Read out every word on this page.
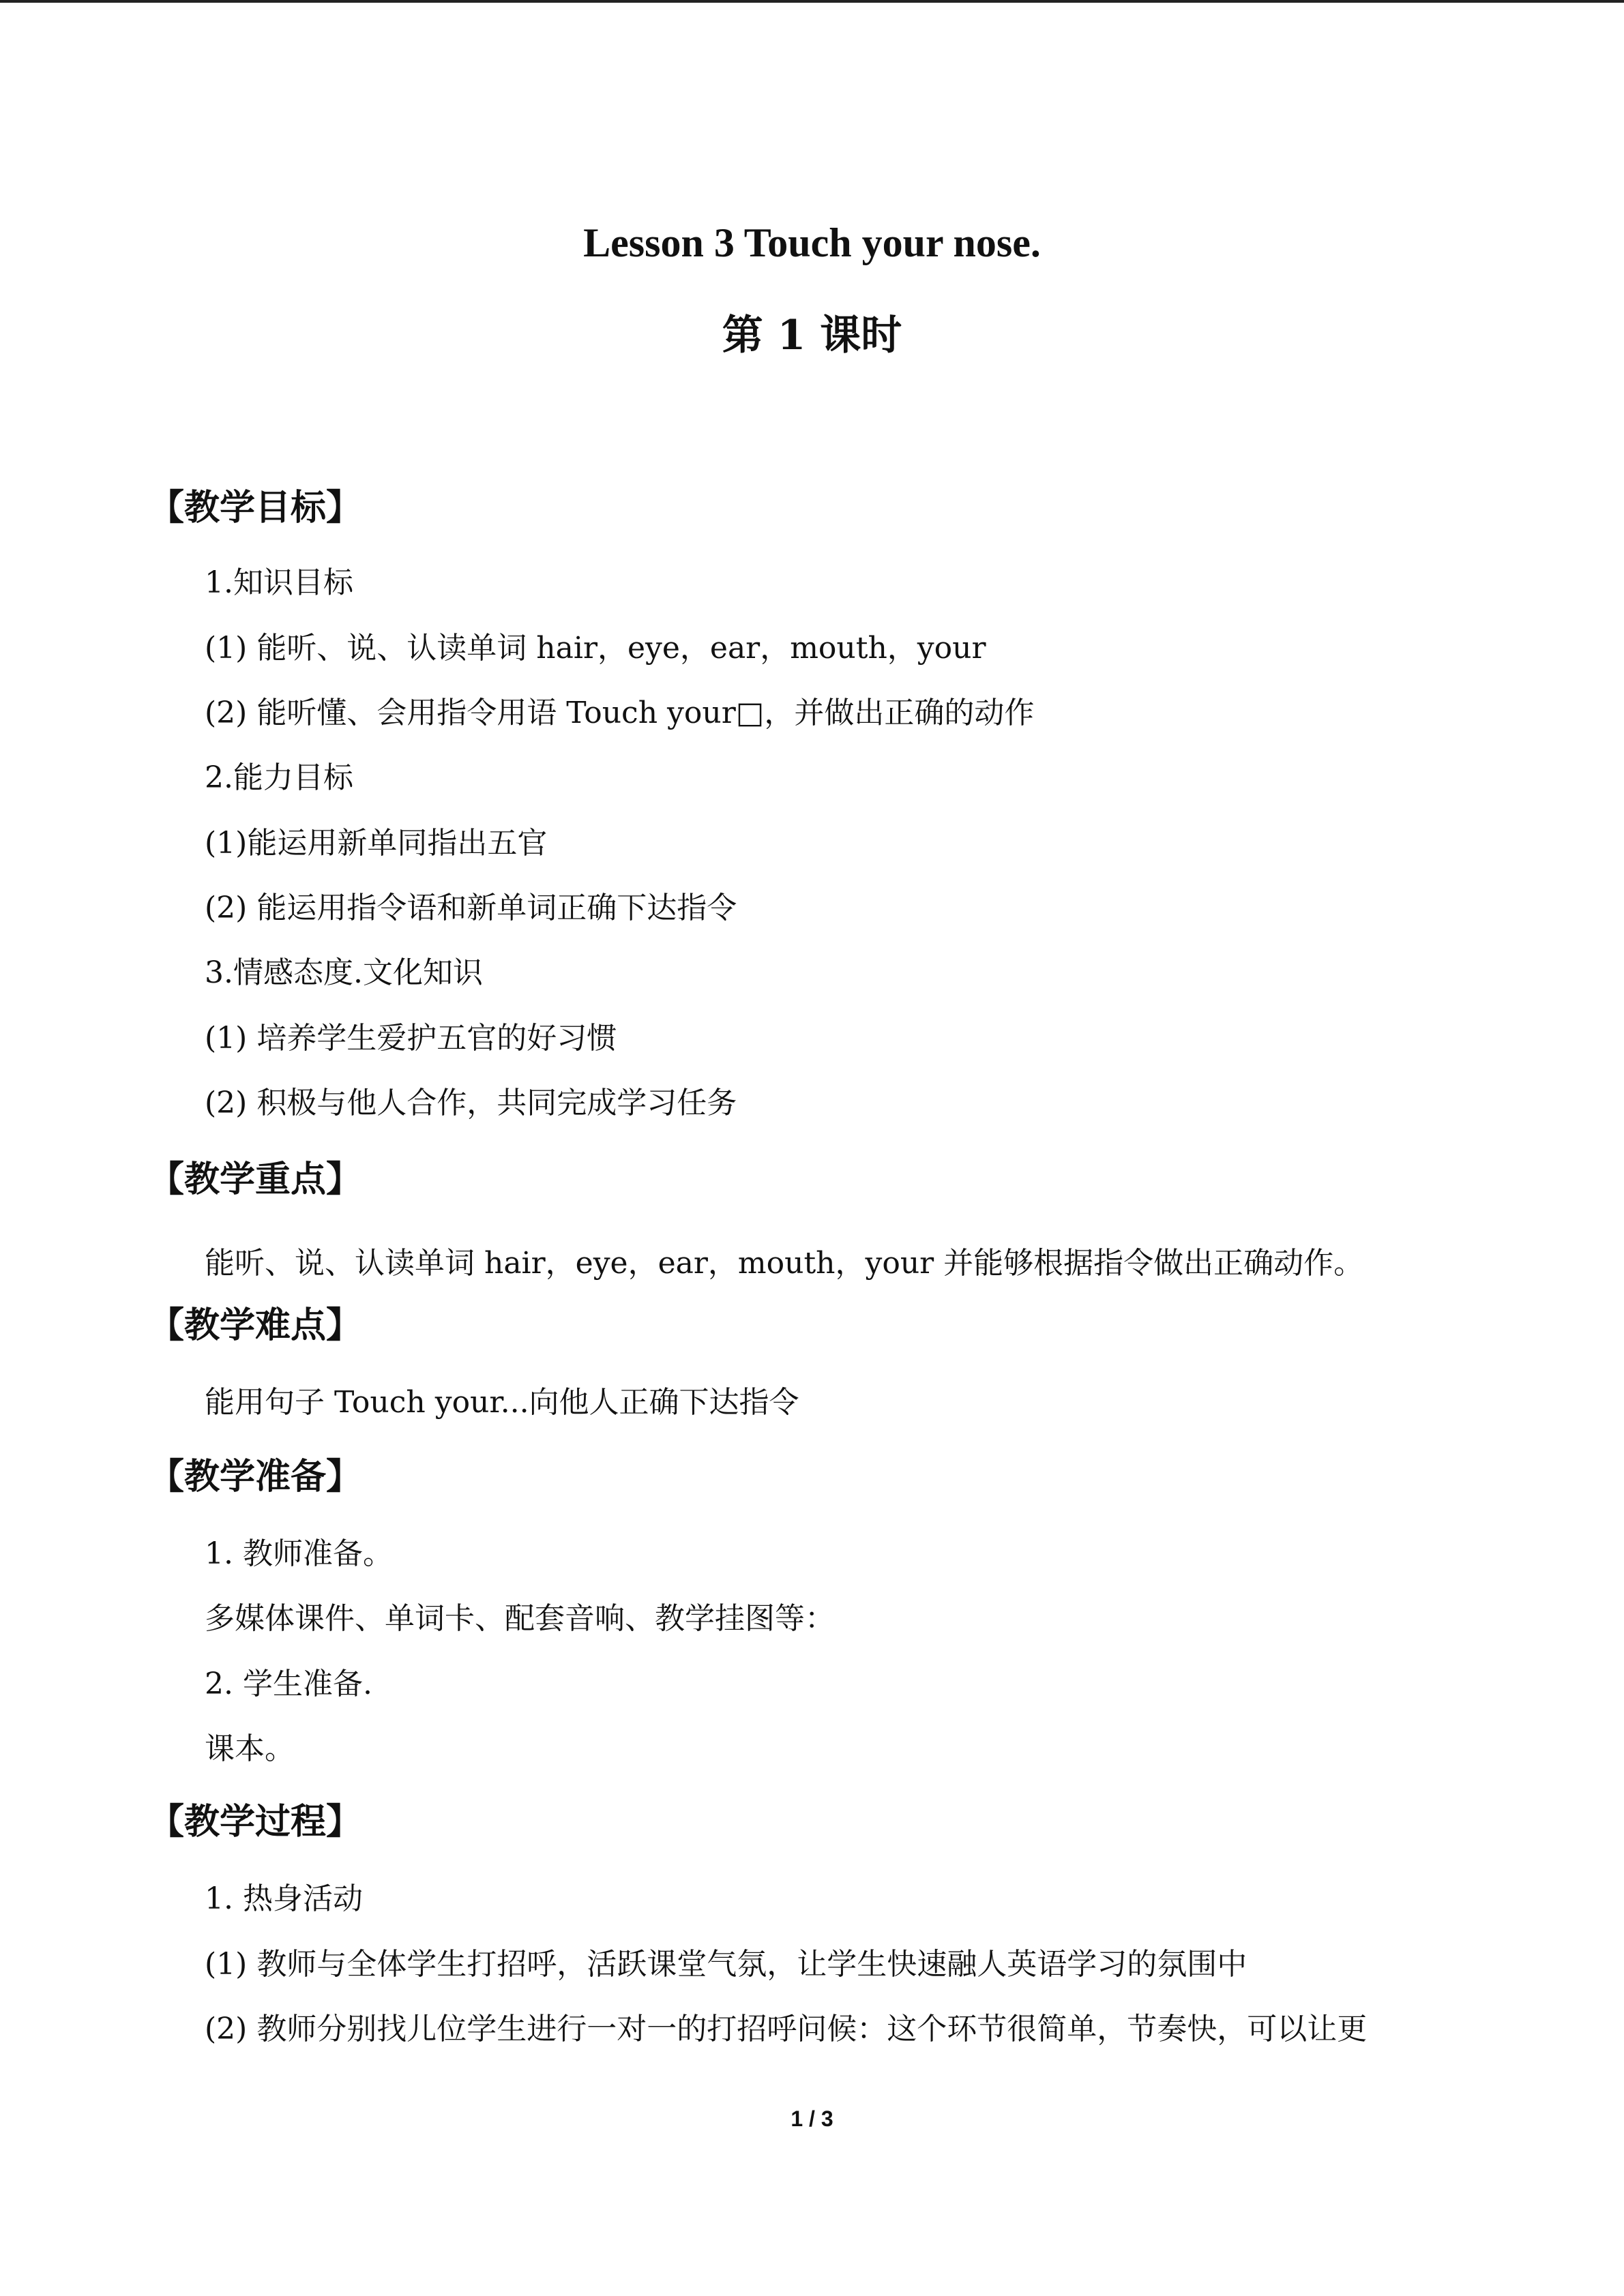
Lesson 3 Touch your nose.
第 1 课时
【教学目标】
1.知识目标
(1) 能听、说、认读单词 hair，eye，ear，mouth，your
(2) 能听懂、会用指令用语 Touch your□，并做出正确的动作
2.能力目标
(1)能运用新单同指出五官
(2) 能运用指令语和新单词正确下达指令
3.情感态度.文化知识
(1) 培养学生爱护五官的好习惯
(2) 积极与他人合作，共同完成学习任务
【教学重点】
能听、说、认读单词 hair，eye，ear，mouth，your 并能够根据指令做出正确动作。
【教学难点】
能用句子 Touch your...向他人正确下达指令
【教学准备】
1. 教师准备。
多媒体课件、单词卡、配套音响、教学挂图等：
2. 学生准备.
课本。
【教学过程】
1. 热身活动
(1) 教师与全体学生打招呼，活跃课堂气氛，让学生快速融人英语学习的氛围中
(2) 教师分别找儿位学生进行一对一的打招呼问候：这个环节很简单，节奏快，可以让更
1 / 3
